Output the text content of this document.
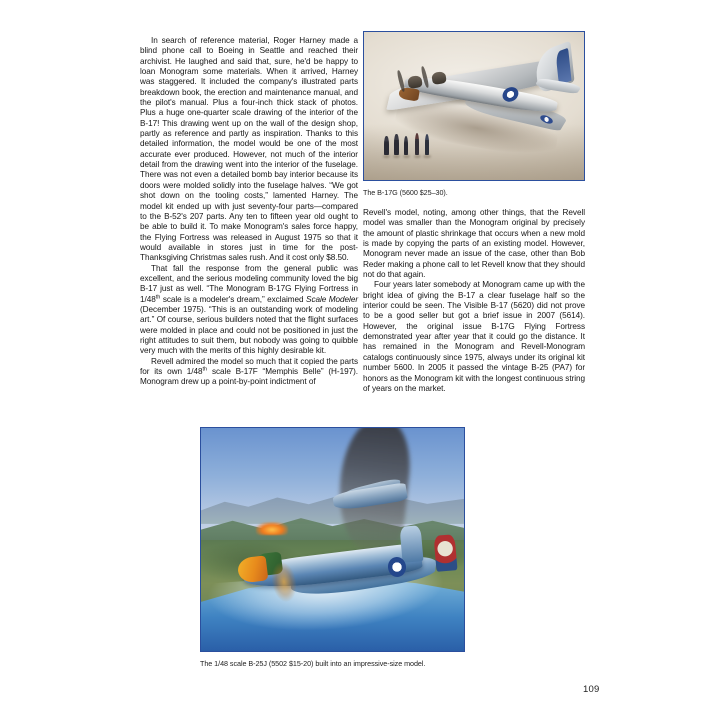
In search of reference material, Roger Harney made a blind phone call to Boeing in Seattle and reached their archivist. He laughed and said that, sure, he'd be happy to loan Monogram some materials. When it arrived, Harney was staggered. It included the company's illustrated parts breakdown book, the erection and maintenance manual, and the pilot's manual. Plus a four-inch thick stack of photos. Plus a huge one-quarter scale drawing of the interior of the B-17! This drawing went up on the wall of the design shop, partly as reference and partly as inspiration. Thanks to this detailed information, the model would be one of the most accurate ever produced. However, not much of the interior detail from the drawing went into the interior of the fuselage. There was not even a detailed bomb bay interior because its doors were molded solidly into the fuselage halves. “We got shot down on the tooling costs,” lamented Harney. The model kit ended up with just seventy-four parts—compared to the B-52's 207 parts. Any ten to fifteen year old ought to be able to build it. To make Monogram's sales force happy, the Flying Fortress was released in August 1975 so that it would available in stores just in time for the post-Thanksgiving Christmas sales rush. And it cost only $8.50.

That fall the response from the general public was excellent, and the serious modeling community loved the big B-17 just as well. “The Monogram B-17G Flying Fortress in 1/48th scale is a modeler's dream,” exclaimed Scale Modeler (December 1975). “This is an outstanding work of modeling art.” Of course, serious builders noted that the flight surfaces were molded in place and could not be positioned in just the right attitudes to suit them, but nobody was going to quibble very much with the merits of this highly desirable kit.

Revell admired the model so much that it copied the parts for its own 1/48th scale B-17F “Memphis Belle” (H-197). Monogram drew up a point-by-point indictment of

The B-17G (5600 $25–30).

Revell's model, noting, among other things, that the Revell model was smaller than the Monogram original by precisely the amount of plastic shrinkage that occurs when a new mold is made by copying the parts of an existing model. However, Monogram never made an issue of the case, other than Bob Reder making a phone call to let Revell know that they should not do that again.

Four years later somebody at Monogram came up with the bright idea of giving the B-17 a clear fuselage half so the interior could be seen. The Visible B-17 (5620) did not prove to be a good seller but got a brief issue in 2007 (5614). However, the original issue B-17G Flying Fortress demonstrated year after year that it could go the distance. It has remained in the Monogram and Revell-Monogram catalogs continuously since 1975, always under its original kit number 5600. In 2005 it passed the vintage B-25 (PA7) for honors as the Monogram kit with the longest continuous string of years on the market.

The 1/48 scale B-25J (5502 $15-20) built into an impressive-size model.
109
